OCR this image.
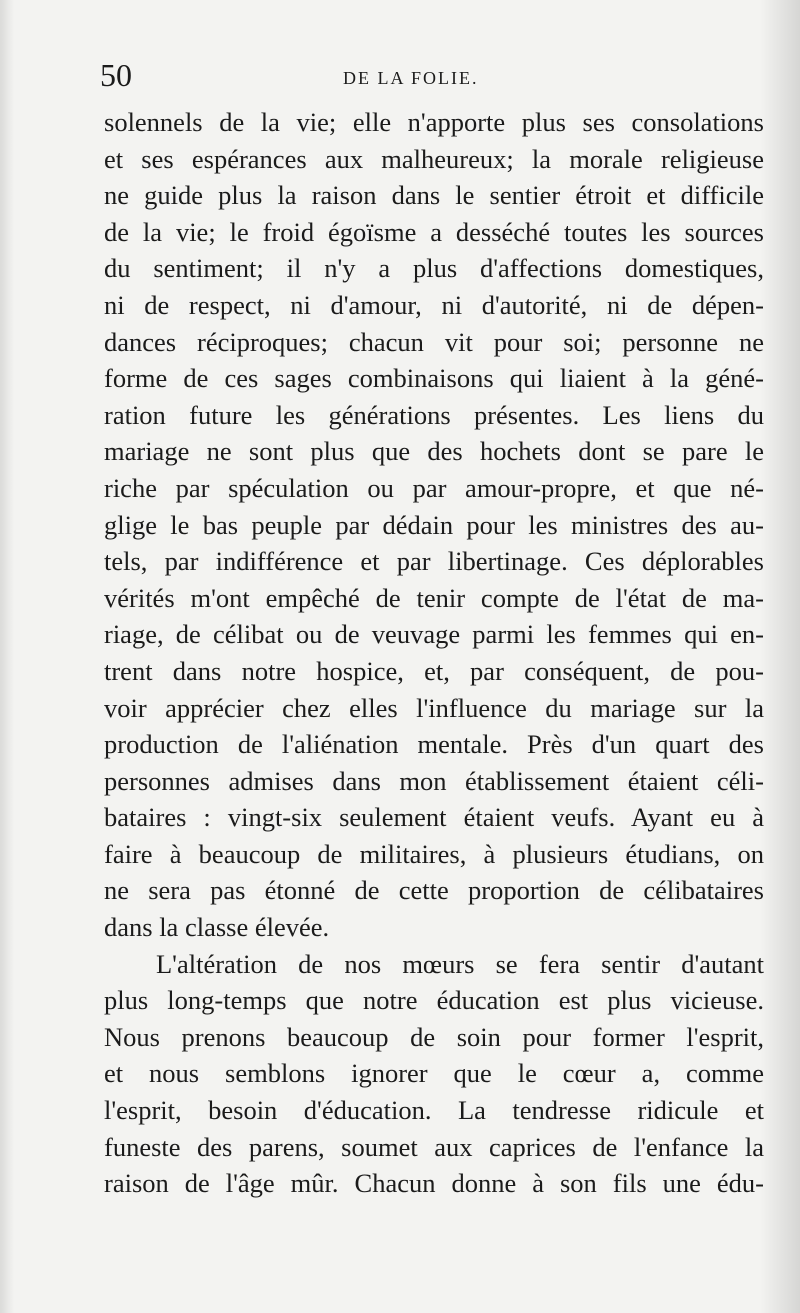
50	DE LA FOLIE.
solennels de la vie; elle n'apporte plus ses consolations
et ses espérances aux malheureux; la morale religieuse
ne guide plus la raison dans le sentier étroit et difficile
de la vie; le froid égoïsme a desséché toutes les sources
du sentiment; il n'y a plus d'affections domestiques,
ni de respect, ni d'amour, ni d'autorité, ni de dépen-
dances réciproques; chacun vit pour soi; personne ne
forme de ces sages combinaisons qui liaient à la géné-
ration future les générations présentes. Les liens du
mariage ne sont plus que des hochets dont se pare le
riche par spéculation ou par amour-propre, et que né-
glige le bas peuple par dédain pour les ministres des au-
tels, par indifférence et par libertinage. Ces déplorables
vérités m'ont empêché de tenir compte de l'état de ma-
riage, de célibat ou de veuvage parmi les femmes qui en-
trent dans notre hospice, et, par conséquent, de pou-
voir apprécier chez elles l'influence du mariage sur la
production de l'aliénation mentale. Près d'un quart des
personnes admises dans mon établissement étaient céli-
bataires : vingt-six seulement étaient veufs. Ayant eu à
faire à beaucoup de militaires, à plusieurs étudians, on
ne sera pas étonné de cette proportion de célibataires
dans la classe élevée.
L'altération de nos mœurs se fera sentir d'autant
plus long-temps que notre éducation est plus vicieuse.
Nous prenons beaucoup de soin pour former l'esprit,
et nous semblons ignorer que le cœur a, comme
l'esprit, besoin d'éducation. La tendresse ridicule et
funeste des parens, soumet aux caprices de l'enfance la
raison de l'âge mûr. Chacun donne à son fils une édu-
